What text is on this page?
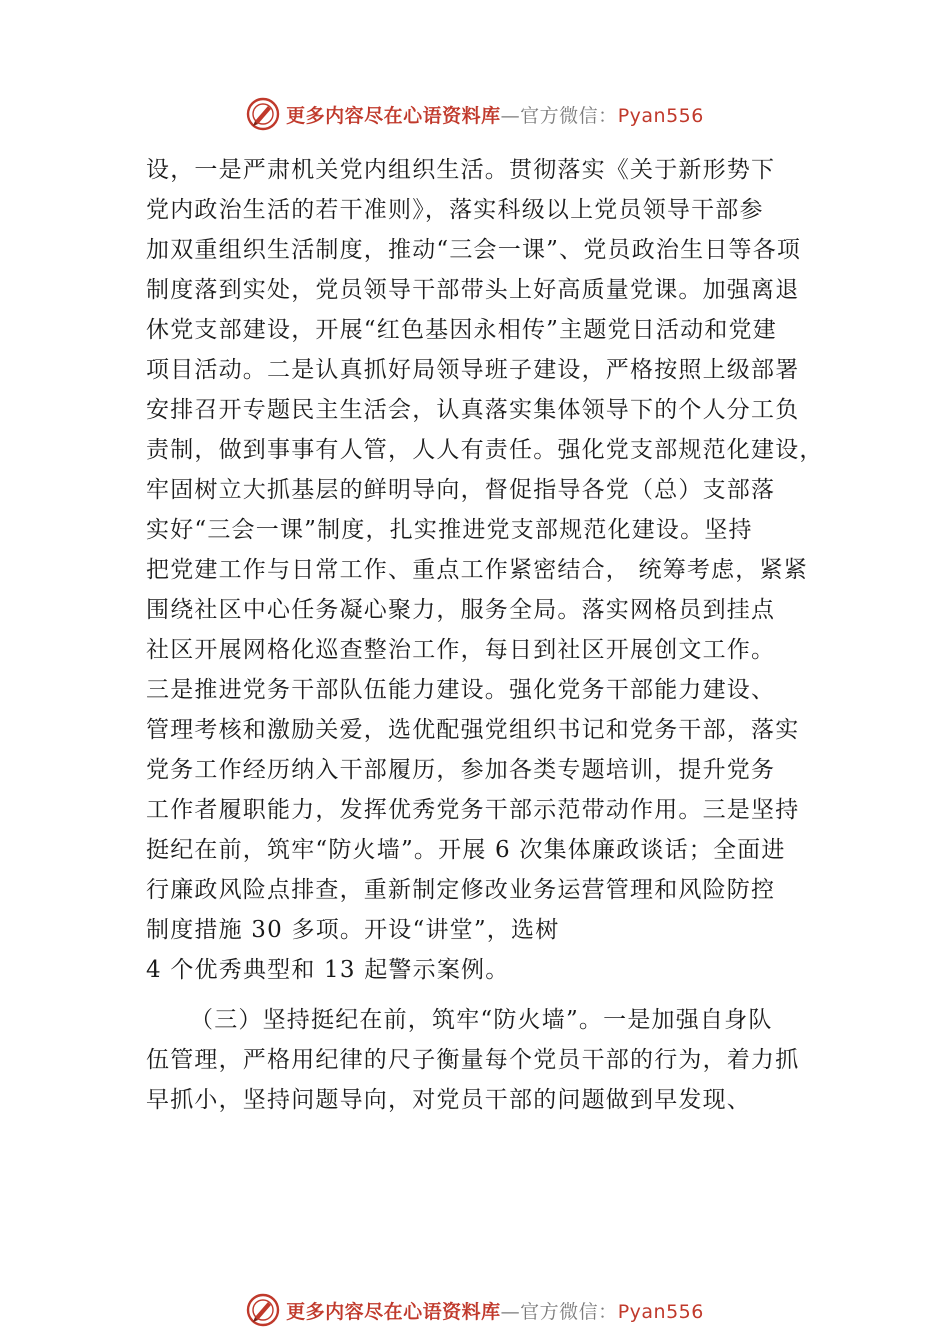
更多内容尽在心语资料库—官方微信：Pyan556
设，一是严肃机关党内组织生活。贯彻落实《关于新形势下
党内政治生活的若干准则》，落实科级以上党员领导干部参
加双重组织生活制度，推动“三会一课”、党员政治生日等各项
制度落到实处，党员领导干部带头上好高质量党课。加强离退
休党支部建设，开展“红色基因永相传”主题党日活动和党建
项目活动。二是认真抓好局领导班子建设，严格按照上级部署
安排召开专题民主生活会，认真落实集体领导下的个人分工负
责制，做到事事有人管，人人有责任。强化党支部规范化建设，
牢固树立大抓基层的鲜明导向，督促指导各党（总）支部落
实好“三会一课”制度，扎实推进党支部规范化建设。坚持
把党建工作与日常工作、重点工作紧密结合， 统筹考虑，紧紧
围绕社区中心任务凝心聚力，服务全局。落实网格员到挂点
社区开展网格化巡查整治工作，每日到社区开展创文工作。
三是推进党务干部队伍能力建设。强化党务干部能力建设、
管理考核和激励关爱，选优配强党组织书记和党务干部，落实
党务工作经历纳入干部履历，参加各类专题培训，提升党务
工作者履职能力，发挥优秀党务干部示范带动作用。三是坚持
挺纪在前，筑牢“防火墙”。开展 6 次集体廉政谈话；全面进
行廉政风险点排查，重新制定修改业务运营管理和风险防控
制度措施 30 多项。开设“讲堂”，选树
4 个优秀典型和 13 起警示案例。
（三）坚持挺纪在前，筑牢“防火墙”。一是加强自身队
伍管理，严格用纪律的尺子衡量每个党员干部的行为，着力抓
早抓小，坚持问题导向，对党员干部的问题做到早发现、
更多内容尽在心语资料库—官方微信：Pyan556
